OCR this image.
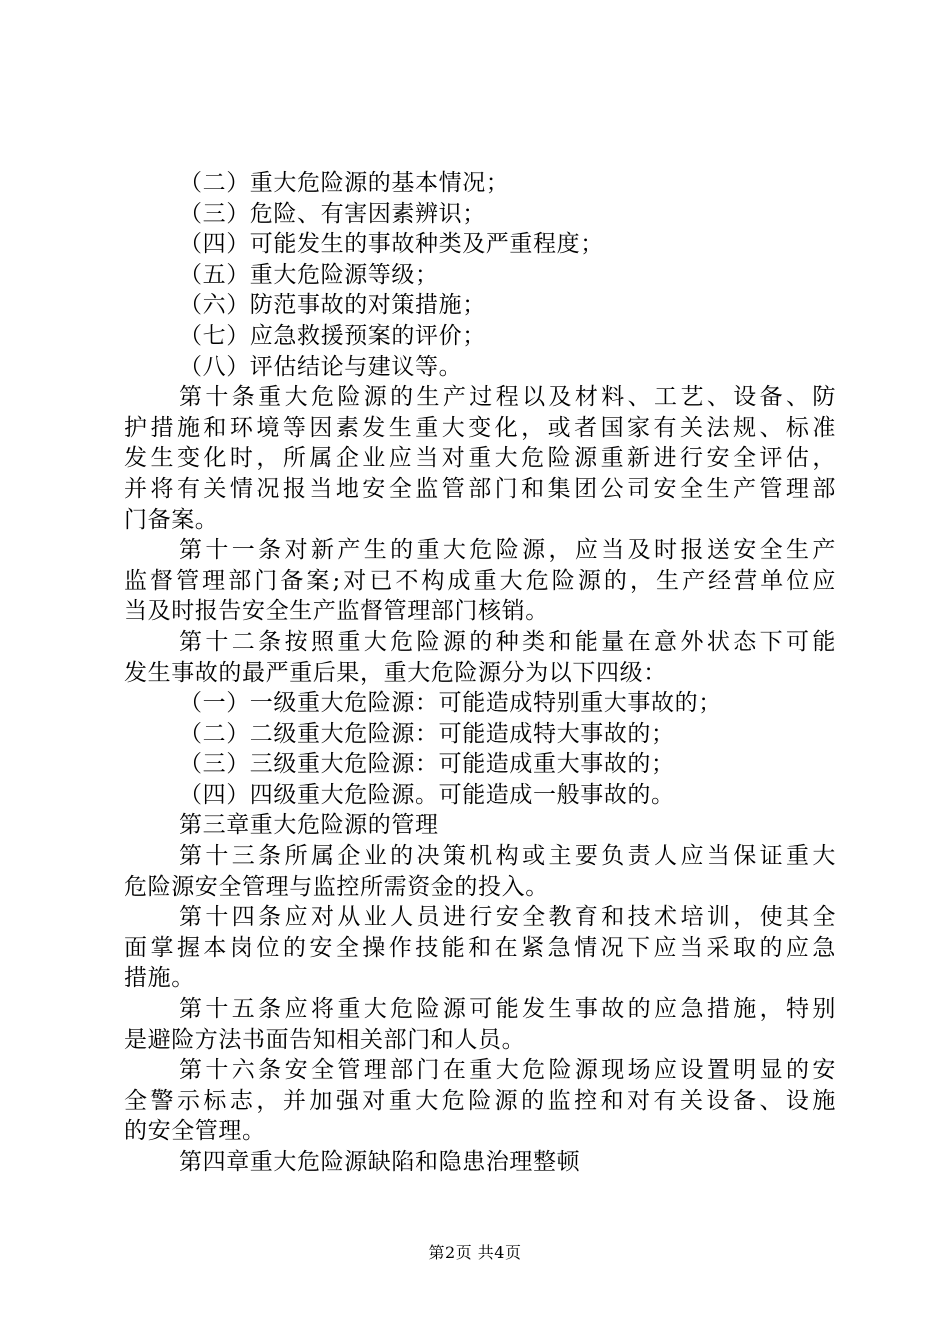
（二）重大危险源的基本情况；
（三）危险、有害因素辨识；
（四）可能发生的事故种类及严重程度；
（五）重大危险源等级；
（六）防范事故的对策措施；
（七）应急救援预案的评价；
（八）评估结论与建议等。
第十条重大危险源的生产过程以及材料、工艺、设备、防
护措施和环境等因素发生重大变化，或者国家有关法规、标准
发生变化时，所属企业应当对重大危险源重新进行安全评估，
并将有关情况报当地安全监管部门和集团公司安全生产管理部
门备案。
第十一条对新产生的重大危险源，应当及时报送安全生产
监督管理部门备案;对已不构成重大危险源的，生产经营单位应
当及时报告安全生产监督管理部门核销。
第十二条按照重大危险源的种类和能量在意外状态下可能
发生事故的最严重后果，重大危险源分为以下四级：
（一）一级重大危险源：可能造成特别重大事故的；
（二）二级重大危险源：可能造成特大事故的；
（三）三级重大危险源：可能造成重大事故的；
（四）四级重大危险源。可能造成一般事故的。
第三章重大危险源的管理
第十三条所属企业的决策机构或主要负责人应当保证重大
危险源安全管理与监控所需资金的投入。
第十四条应对从业人员进行安全教育和技术培训，使其全
面掌握本岗位的安全操作技能和在紧急情况下应当采取的应急
措施。
第十五条应将重大危险源可能发生事故的应急措施，特别
是避险方法书面告知相关部门和人员。
第十六条安全管理部门在重大危险源现场应设置明显的安
全警示标志，并加强对重大危险源的监控和对有关设备、设施
的安全管理。
第四章重大危险源缺陷和隐患治理整顿
第2页 共4页
